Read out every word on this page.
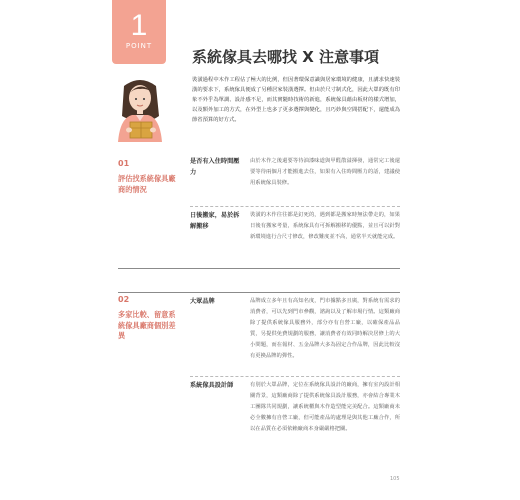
1
POINT
系統傢具去哪找 X 注意事項

裝潢過程中木作工程佔了極大的比例，但因著環保意識與居家環境的健康，且講求快速裝潢的要求下，系統傢具便成了另種居家裝潢選擇。但由於尺寸制式化，因此大眾的既有印象不外乎為單調、設計感不足，而其實隨時技術的新進，系統傢具藉由板材的樣式增加，以及額外加工的方式，在外型上也多了更多選擇與變化，且巧妙與空間搭配下，還能成為節省預算的好方式。

01
評估找系統傢具廠商的情況
是否有入住時間壓力

由於木作之後還要等待油漆味道與甲醛散溢揮發，通常完工後還要等待兩個月才能搬進去住，如果有入住時間壓力的話，建議使用系統傢具裝修。

日後搬家，易於拆解搬移

裝潢的木作往往都是釘死的，遇到都是搬家時無法帶走的，如果日後有搬家考量，系統傢具有可拆解搬移的優點，並且可以針對新環境進行合尺寸修改，修改難度並不高，通常半天就能完成。

02
多家比較、留意系統傢具廠商個別差異
大眾品牌	品牌成立多年且有高知名度，門市據點多且廣，對系統有需求的消費者，可以先到門市參觀，諮詢以及了解市場行情。這類廠商除了提供系統傢具服務外，部分亦有自營工廠，以確保產品品質，另提供免費規劃的服務，讓消費者有效同時解決居修上的大小問題，而在報材、五金品牌大多為固定合作品牌，因此比較沒有更換品牌的彈性。

系統傢具設計師	有別於大眾品牌，定位在系統傢具設計的廠商，擁有室內設計相關背景，這類廠商除了提供系統傢具設計服務，亦會結合專業木工團隊共同規劃，讓系統櫃與木作造型能完美配合。這類廠商未必全數擁有自營工廠，但可能產品的處理是與其他工廠合作，所以在品質在必須依賴廠商本身嚴嚴格把關。

105
